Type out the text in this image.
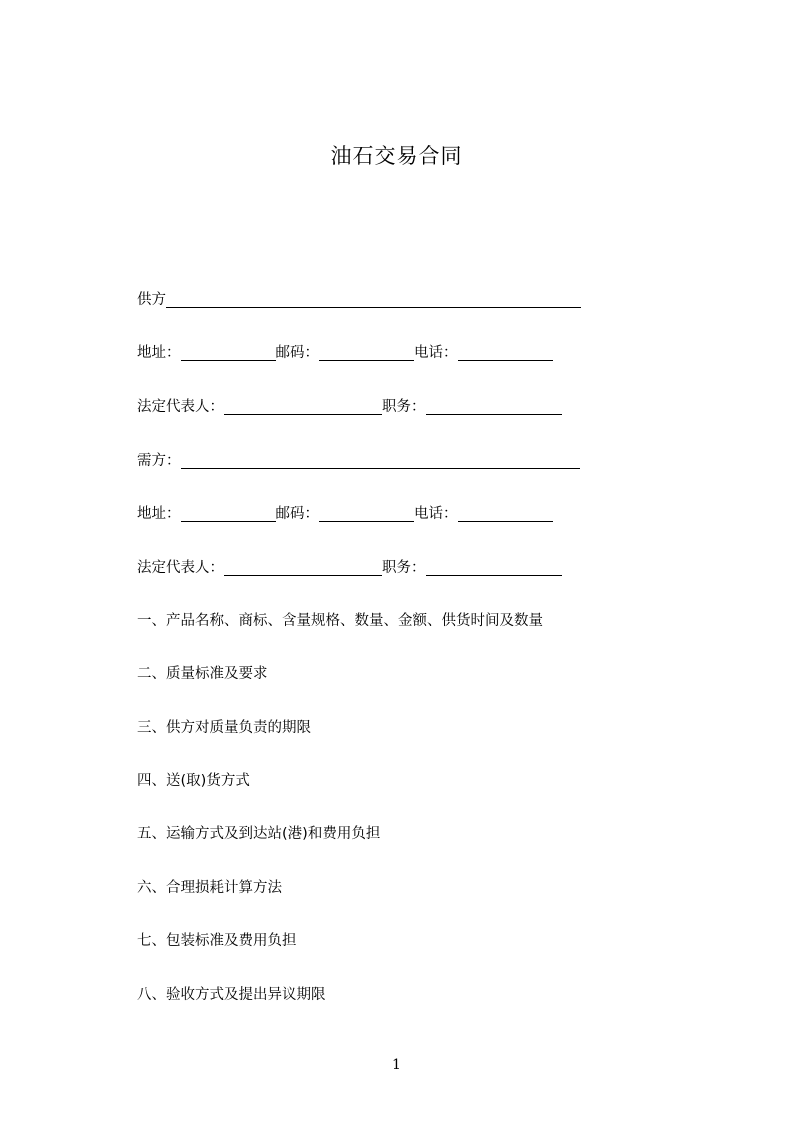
油石交易合同
供方
地址：	邮码：	电话：
法定代表人：	职务：
需方：
地址：	邮码：	电话：
法定代表人：	职务：
一、产品名称、商标、含量规格、数量、金额、供货时间及数量
二、质量标准及要求
三、供方对质量负责的期限
四、送(取)货方式
五、运输方式及到达站(港)和费用负担
六、合理损耗计算方法
七、包装标准及费用负担
八、验收方式及提出异议期限
1
